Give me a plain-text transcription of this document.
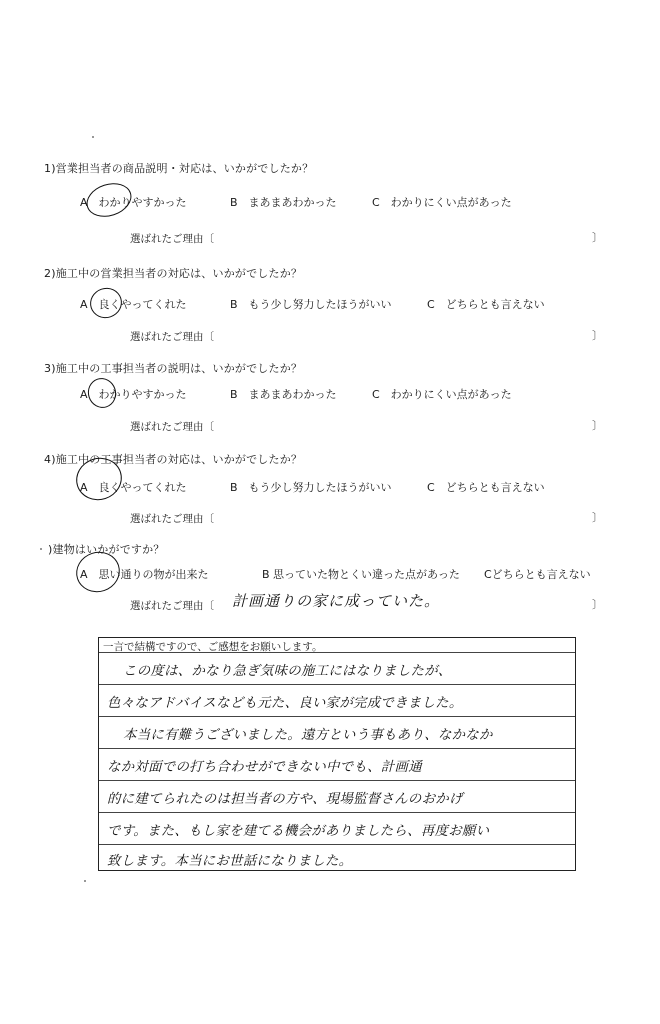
1)営業担当者の商品説明・対応は、いかがでしたか？
A　わかりやすかった	B　まあまあわかった	C　わかりにくい点があった
選ばれたご理由〔	〕
2)施工中の営業担当者の対応は、いかがでしたか？
A　良くやってくれた	B　もう少し努力したほうがいい	C　どちらとも言えない
選ばれたご理由〔	〕
3)施工中の工事担当者の説明は、いかがでしたか？
A　わかりやすかった	B　まあまあわかった	C　わかりにくい点があった
選ばれたご理由〔	〕
4)施工中の工事担当者の対応は、いかがでしたか？
A　良くやってくれた	B　もう少し努力したほうがいい	C　どちらとも言えない
選ばれたご理由〔	〕
)建物はいかがですか？
A　思い通りの物が出来た	B 思っていた物とくい違った点があった Cどちらとも言えない
選ばれたご理由〔 計画通りの家に成っていた。	〕
一言で結構ですので、ご感想をお願いします。
この度は、かなり急ぎ気味の施工にはなりましたが、
色々なアドバイスなども元た、良い家が完成できました。
本当に有難うございました。遠方という事もあり、なかなか
なか対面での打ち合わせができない中でも、計画通
的に建てられたのは担当者の方や、現場監督さんのおかげ
です。また、もし家を建てる機会がありましたら、再度お願い
致します。本当にお世話になりました。
